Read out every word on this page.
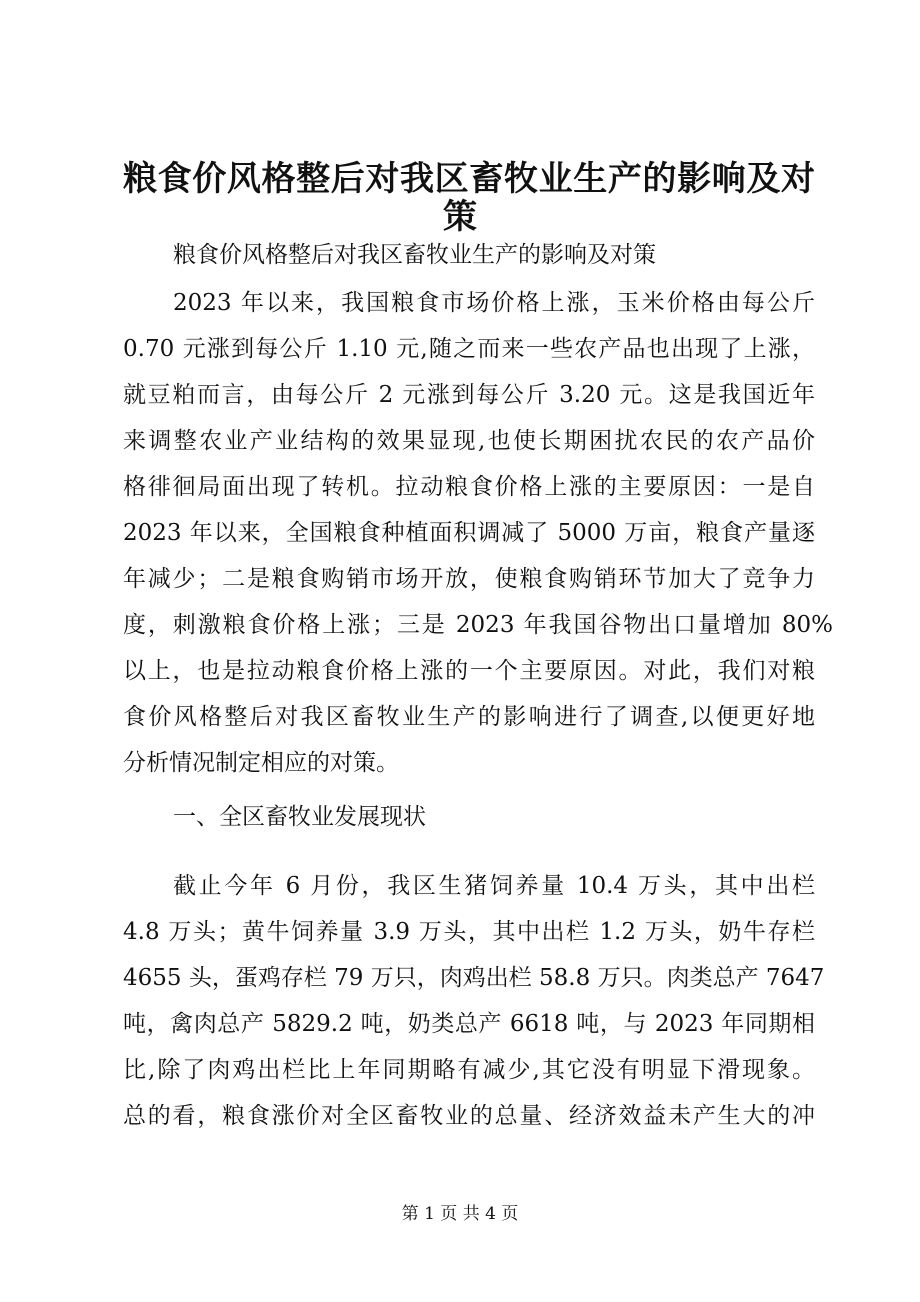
粮食价风格整后对我区畜牧业生产的影响及对
策
粮食价风格整后对我区畜牧业生产的影响及对策
2023 年以来，我国粮食市场价格上涨，玉米价格由每公斤
0.70 元涨到每公斤 1.10 元,随之而来一些农产品也出现了上涨，
就豆粕而言，由每公斤 2 元涨到每公斤 3.20 元。这是我国近年
来调整农业产业结构的效果显现,也使长期困扰农民的农产品价
格徘徊局面出现了转机。拉动粮食价格上涨的主要原因：一是自
2023 年以来，全国粮食种植面积调减了 5000 万亩，粮食产量逐
年减少；二是粮食购销市场开放，使粮食购销环节加大了竞争力
度，刺激粮食价格上涨；三是 2023 年我国谷物出口量增加 80%
以上，也是拉动粮食价格上涨的一个主要原因。对此，我们对粮
食价风格整后对我区畜牧业生产的影响进行了调查,以便更好地
分析情况制定相应的对策。
一、全区畜牧业发展现状
截止今年 6 月份，我区生猪饲养量 10.4 万头，其中出栏
4.8 万头；黄牛饲养量 3.9 万头，其中出栏 1.2 万头，奶牛存栏
4655 头，蛋鸡存栏 79 万只，肉鸡出栏 58.8 万只。肉类总产 7647
吨，禽肉总产 5829.2 吨，奶类总产 6618 吨，与 2023 年同期相
比,除了肉鸡出栏比上年同期略有减少,其它没有明显下滑现象。
总的看，粮食涨价对全区畜牧业的总量、经济效益未产生大的冲
第 1 页 共 4 页
